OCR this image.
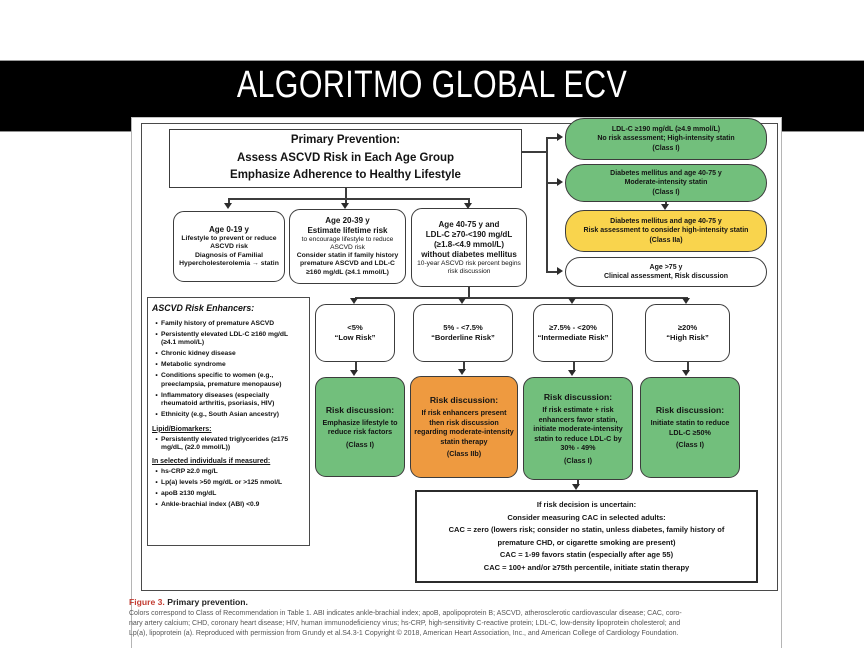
ALGORITMO GLOBAL ECV
Primary Prevention:
Assess ASCVD Risk in Each Age Group
Emphasize Adherence to Healthy Lifestyle
Age 0-19 y
Lifestyle to prevent or reduce ASCVD risk
Diagnosis of Familial Hypercholesterolemia → statin
Age 20-39 y
Estimate lifetime risk
to encourage lifestyle to reduce ASCVD risk
Consider statin if family history premature ASCVD and LDL-C ≥160 mg/dL (≥4.1 mmol/L)
Age 40-75 y and
LDL-C ≥70-<190 mg/dL
(≥1.8-<4.9 mmol/L)
without diabetes mellitus
10-year ASCVD risk percent begins risk discussion
LDL-C ≥190 mg/dL (≥4.9 mmol/L)
No risk assessment; High-intensity statin
(Class I)
Diabetes mellitus and age 40-75 y
Moderate-intensity statin
(Class I)
Diabetes mellitus and age 40-75 y
Risk assessment to consider high-intensity statin
(Class IIa)
Age >75 y
Clinical assessment, Risk discussion
ASCVD Risk Enhancers:
• Family history of premature ASCVD
• Persistently elevated LDL-C ≥160 mg/dL (≥4.1 mmol/L)
• Chronic kidney disease
• Metabolic syndrome
• Conditions specific to women (e.g., preeclampsia, premature menopause)
• Inflammatory diseases (especially rheumatoid arthritis, psoriasis, HIV)
• Ethnicity (e.g., South Asian ancestry)
Lipid/Biomarkers:
• Persistently elevated triglycerides (≥175 mg/dL, (≥2.0 mmol/L))
In selected individuals if measured:
• hs-CRP ≥2.0 mg/L
• Lp(a) levels >50 mg/dL or >125 nmol/L
• apoB ≥130 mg/dL
• Ankle-brachial index (ABI) <0.9
<5%
“Low Risk”
5% - <7.5%
“Borderline Risk”
≥7.5% - <20%
“Intermediate Risk”
≥20%
“High Risk”
Risk discussion:
Emphasize lifestyle to reduce risk factors
(Class I)
Risk discussion:
If risk enhancers present then risk discussion regarding moderate-intensity statin therapy
(Class IIb)
Risk discussion:
If risk estimate + risk enhancers favor statin, initiate moderate-intensity statin to reduce LDL-C by 30% - 49%
(Class I)
Risk discussion:
Initiate statin to reduce LDL-C ≥50%
(Class I)
If risk decision is uncertain:
Consider measuring CAC in selected adults:
CAC = zero (lowers risk; consider no statin, unless diabetes, family history of
premature CHD, or cigarette smoking are present)
CAC = 1-99 favors statin (especially after age 55)
CAC = 100+ and/or ≥75th percentile, initiate statin therapy
Figure 3. Primary prevention.
Colors correspond to Class of Recommendation in Table 1. ABI indicates ankle-brachial index; apoB, apolipoprotein B; ASCVD, atherosclerotic cardiovascular disease; CAC, coro-
nary artery calcium; CHD, coronary heart disease; HIV, human immunodeficiency virus; hs-CRP, high-sensitivity C-reactive protein; LDL-C, low-density lipoprotein cholesterol; and
Lp(a), lipoprotein (a). Reproduced with permission from Grundy et al.S4.3-1 Copyright © 2018, American Heart Association, Inc., and American College of Cardiology Foundation.
